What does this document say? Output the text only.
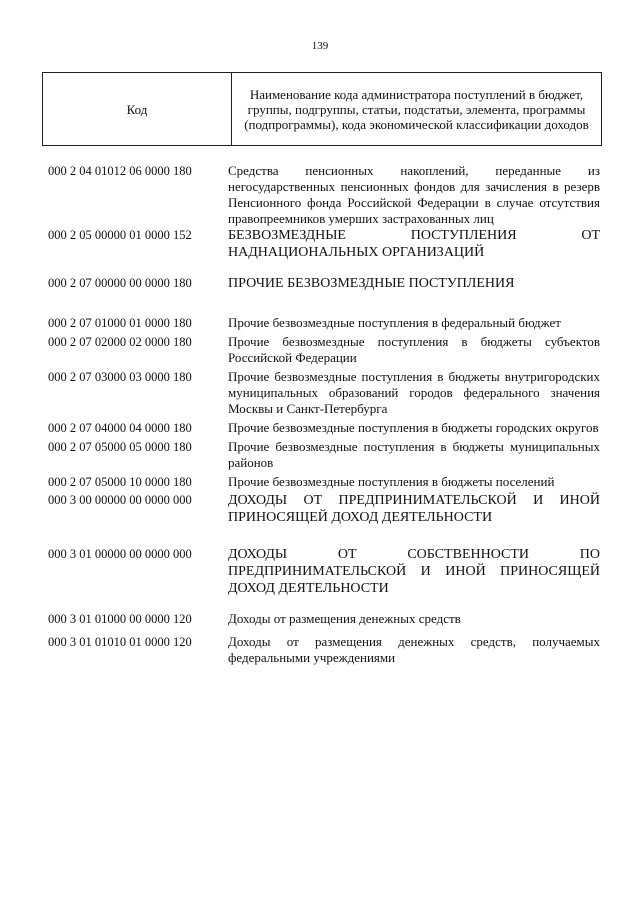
139
Код	Наименование кода администратора поступлений в бюджет, группы, подгруппы, статьи, подстатьи, элемента, программы (подпрограммы), кода экономической классификации доходов
000 2 04 01012 06 0000 180	Средства пенсионных накоплений, переданные из негосударственных пенсионных фондов для зачисления в резерв Пенсионного фонда Российской Федерации в случае отсутствия правопреемников умерших застрахованных лиц
000 2 05 00000 01 0000 152	БЕЗВОЗМЕЗДНЫЕ ПОСТУПЛЕНИЯ ОТ НАДНАЦИОНАЛЬНЫХ ОРГАНИЗАЦИЙ
000 2 07 00000 00 0000 180	ПРОЧИЕ БЕЗВОЗМЕЗДНЫЕ ПОСТУПЛЕНИЯ
000 2 07 01000 01 0000 180	Прочие безвозмездные поступления в федеральный бюджет
000 2 07 02000 02 0000 180	Прочие безвозмездные поступления в бюджеты субъектов Российской Федерации
000 2 07 03000 03 0000 180	Прочие безвозмездные поступления в бюджеты внутригородских муниципальных образований городов федерального значения Москвы и Санкт-Петербурга
000 2 07 04000 04 0000 180	Прочие безвозмездные поступления в бюджеты городских округов
000 2 07 05000 05 0000 180	Прочие безвозмездные поступления в бюджеты муниципальных районов
000 2 07 05000 10 0000 180	Прочие безвозмездные поступления в бюджеты поселений
000 3 00 00000 00 0000 000	ДОХОДЫ ОТ ПРЕДПРИНИМАТЕЛЬСКОЙ И ИНОЙ ПРИНОСЯЩЕЙ ДОХОД ДЕЯТЕЛЬНОСТИ
000 3 01 00000 00 0000 000	ДОХОДЫ ОТ СОБСТВЕННОСТИ ПО ПРЕДПРИНИМАТЕЛЬСКОЙ И ИНОЙ ПРИНОСЯЩЕЙ ДОХОД ДЕЯТЕЛЬНОСТИ
000 3 01 01000 00 0000 120	Доходы от размещения денежных средств
000 3 01 01010 01 0000 120	Доходы от размещения денежных средств, получаемых федеральными учреждениями
